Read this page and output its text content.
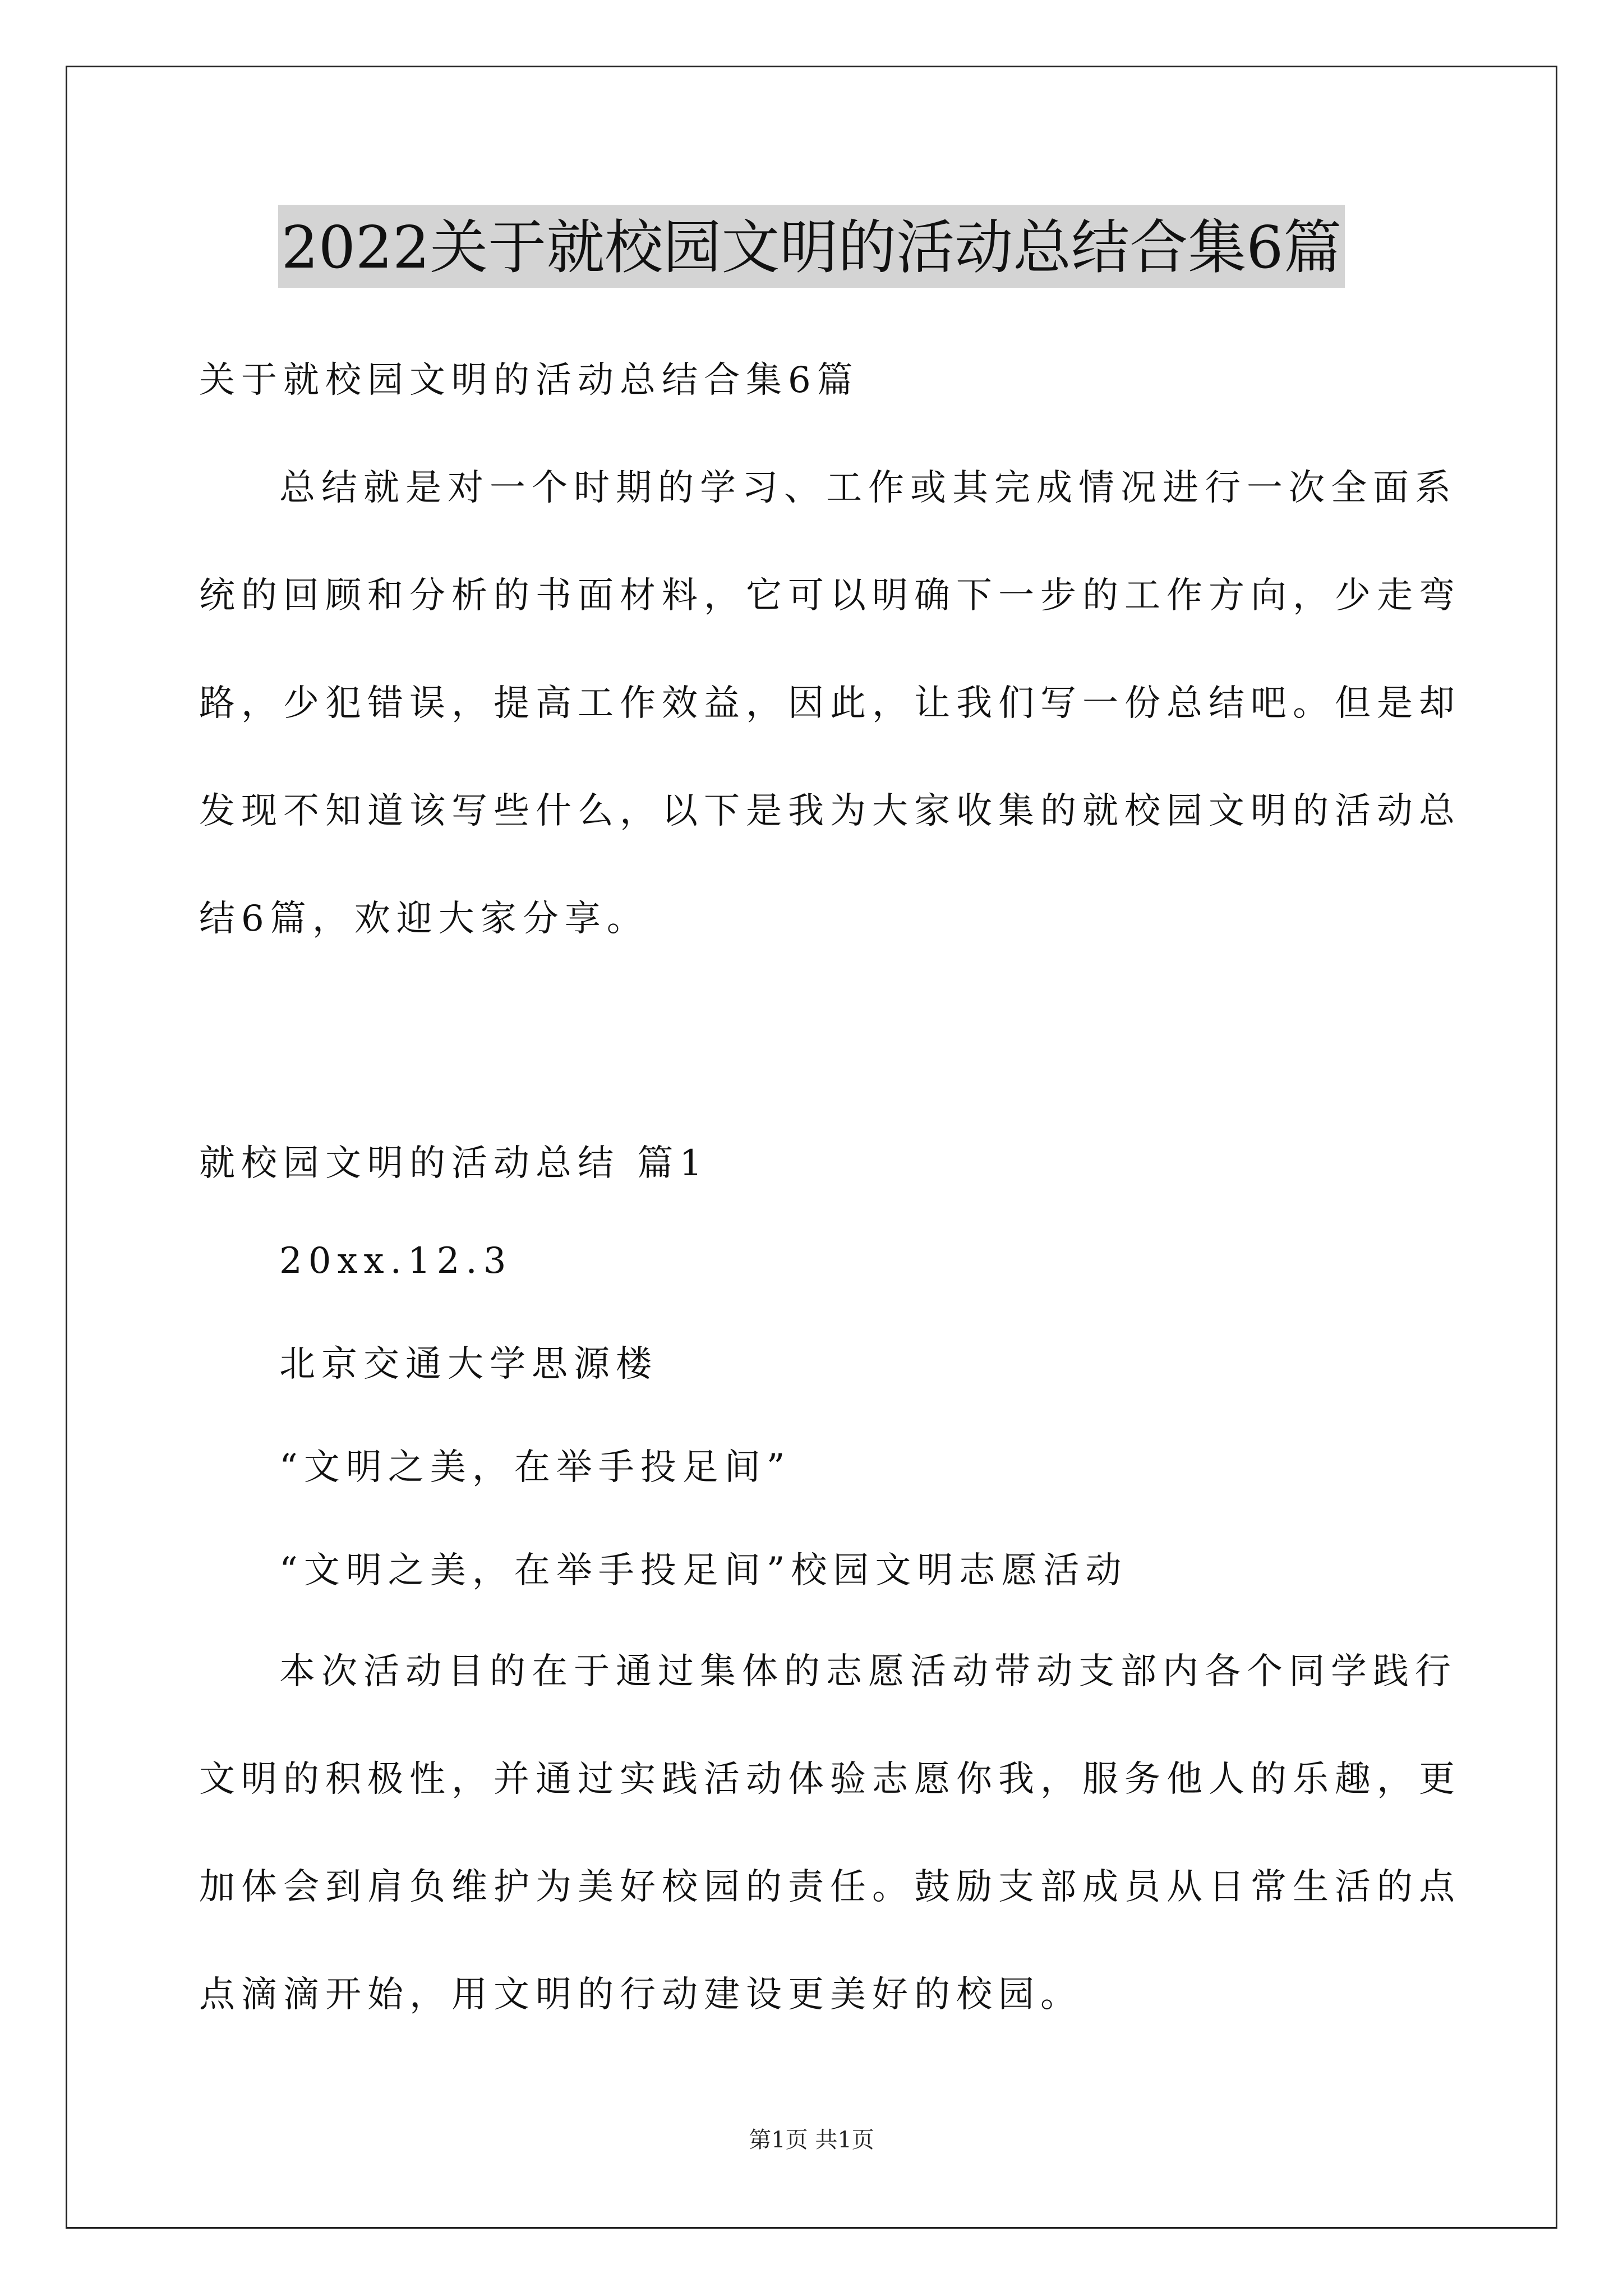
2022关于就校园文明的活动总结合集6篇
关于就校园文明的活动总结合集6篇
总结就是对一个时期的学习、工作或其完成情况进行一次全面系
统的回顾和分析的书面材料，它可以明确下一步的工作方向，少走弯
路，少犯错误，提高工作效益，因此，让我们写一份总结吧。但是却
发现不知道该写些什么，以下是我为大家收集的就校园文明的活动总
结6篇，欢迎大家分享。
就校园文明的活动总结 篇1
20xx.12.3
北京交通大学思源楼
“文明之美，在举手投足间”
“文明之美，在举手投足间”校园文明志愿活动
本次活动目的在于通过集体的志愿活动带动支部内各个同学践行
文明的积极性，并通过实践活动体验志愿你我，服务他人的乐趣，更
加体会到肩负维护为美好校园的责任。鼓励支部成员从日常生活的点
点滴滴开始，用文明的行动建设更美好的校园。
第1页 共1页
